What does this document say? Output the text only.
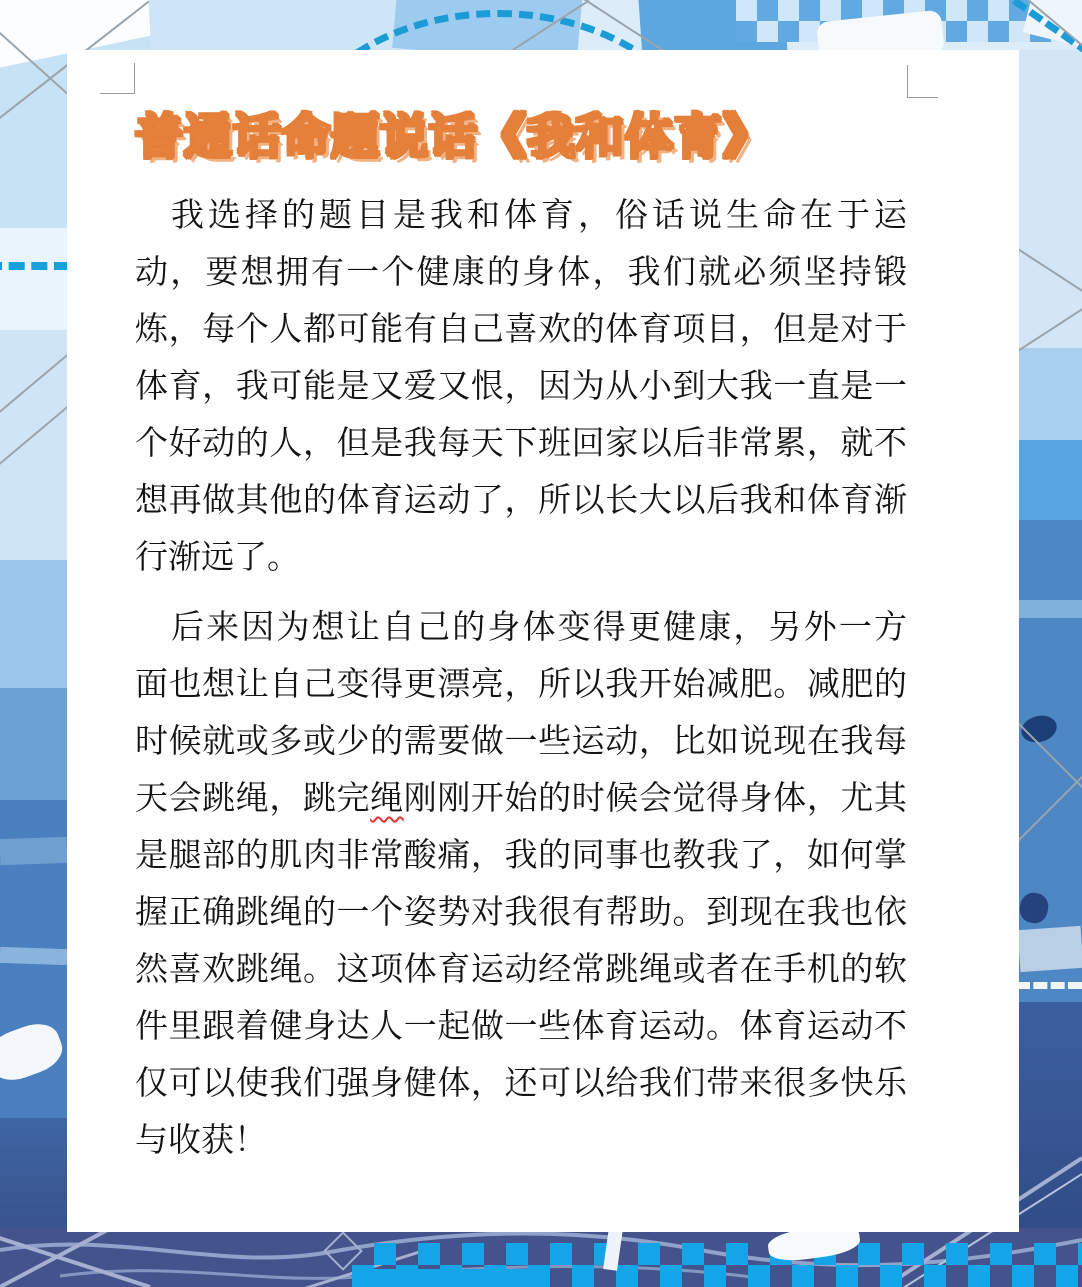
普通话命题说话《我和体育》

我选择的题目是我和体育，俗话说生命在于运
动，要想拥有一个健康的身体，我们就必须坚持锻
炼，每个人都可能有自己喜欢的体育项目，但是对于
体育，我可能是又爱又恨，因为从小到大我一直是一
个好动的人，但是我每天下班回家以后非常累，就不
想再做其他的体育运动了，所以长大以后我和体育渐
行渐远了。

后来因为想让自己的身体变得更健康，另外一方
面也想让自己变得更漂亮，所以我开始减肥。减肥的
时候就或多或少的需要做一些运动，比如说现在我每
天会跳绳，跳完绳刚刚开始的时候会觉得身体，尤其
是腿部的肌肉非常酸痛，我的同事也教我了，如何掌
握正确跳绳的一个姿势对我很有帮助。到现在我也依
然喜欢跳绳。这项体育运动经常跳绳或者在手机的软
件里跟着健身达人一起做一些体育运动。体育运动不
仅可以使我们强身健体，还可以给我们带来很多快乐
与收获！
